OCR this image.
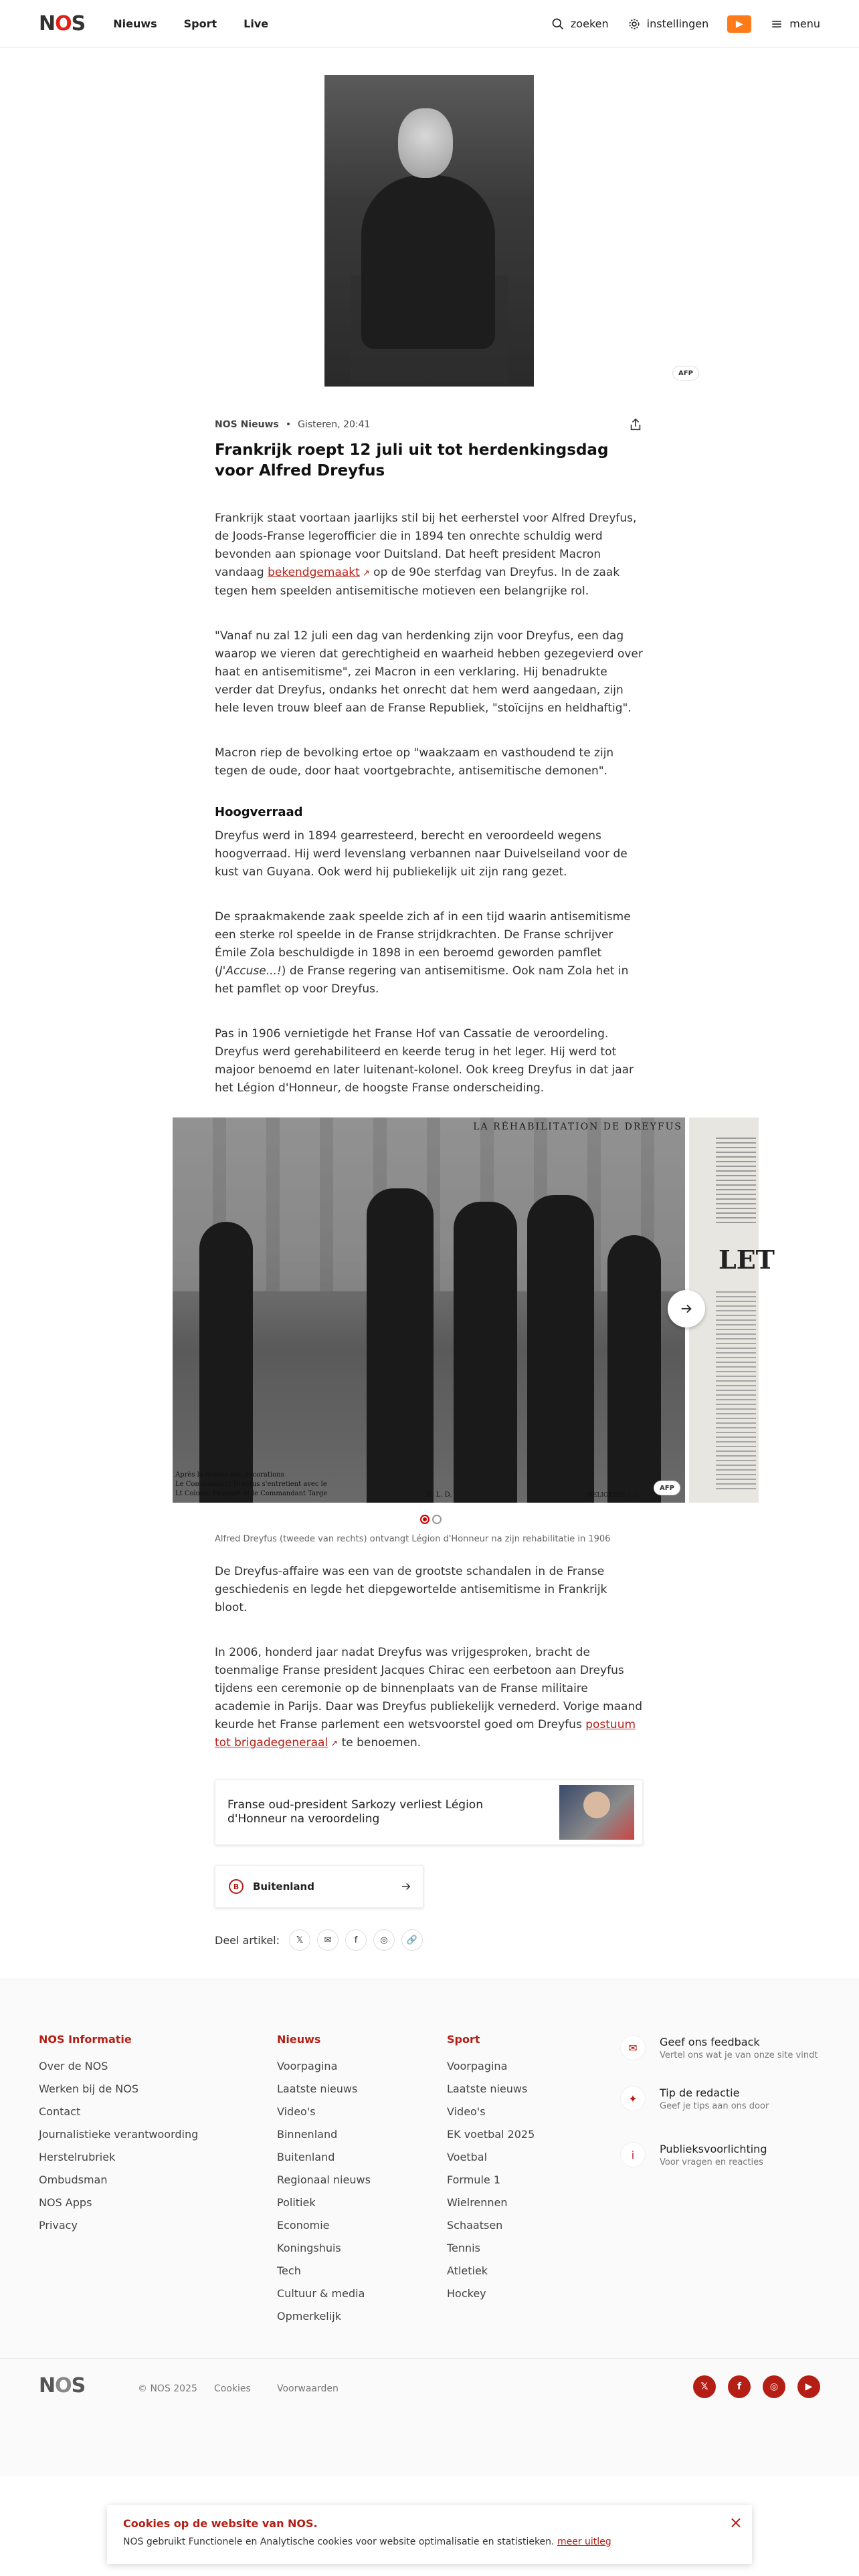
NOS	Nieuws	Sport	Live	zoeken	instellingen	▶	menu
AFP
NOS Nieuws • Gisteren, 20:41
Frankrijk roept 12 juli uit tot herdenkingsdag voor Alfred Dreyfus

Frankrijk staat voortaan jaarlijks stil bij het eerherstel voor Alfred Dreyfus, de Joods-Franse legerofficier die in 1894 ten onrechte schuldig werd bevonden aan spionage voor Duitsland. Dat heeft president Macron vandaag bekendgemaakt ↗ op de 90e sterfdag van Dreyfus. In de zaak tegen hem speelden antisemitische motieven een belangrijke rol.

"Vanaf nu zal 12 juli een dag van herdenking zijn voor Dreyfus, een dag waarop we vieren dat gerechtigheid en waarheid hebben gezegevierd over haat en antisemitisme", zei Macron in een verklaring. Hij benadrukte verder dat Dreyfus, ondanks het onrecht dat hem werd aangedaan, zijn hele leven trouw bleef aan de Franse Republiek, "stoïcijns en heldhaftig".

Macron riep de bevolking ertoe op "waakzaam en vasthoudend te zijn tegen de oude, door haat voortgebrachte, antisemitische demonen".

Hoogverraad

Dreyfus werd in 1894 gearresteerd, berecht en veroordeeld wegens hoogverraad. Hij werd levenslang verbannen naar Duivelseiland voor de kust van Guyana. Ook werd hij publiekelijk uit zijn rang gezet.

De spraakmakende zaak speelde zich af in een tijd waarin antisemitisme een sterke rol speelde in de Franse strijdkrachten. De Franse schrijver Émile Zola beschuldigde in 1898 in een beroemd geworden pamflet (J'Accuse...!) de Franse regering van antisemitisme. Ook nam Zola het in het pamflet op voor Dreyfus.

Pas in 1906 vernietigde het Franse Hof van Cassatie de veroordeling. Dreyfus werd gerehabiliteerd en keerde terug in het leger. Hij werd tot majoor benoemd en later luitenant-kolonel. Ook kreeg Dreyfus in dat jaar het Légion d'Honneur, de hoogste Franse onderscheiding.

LA RÉHABILITATION DE DREYFUS
Après la remise des décorations
Le Commandant Dreyfus s'entretient avec le
Lt Colonel Picquart et le Commandant Targe	E. L. D.	HELIOTYPE, L.L.
AFP
LET
Alfred Dreyfus (tweede van rechts) ontvangt Légion d'Honneur na zijn rehabilitatie in 1906

De Dreyfus-affaire was een van de grootste schandalen in de Franse geschiedenis en legde het diepgewortelde antisemitisme in Frankrijk bloot.

In 2006, honderd jaar nadat Dreyfus was vrijgesproken, bracht de toenmalige Franse president Jacques Chirac een eerbetoon aan Dreyfus tijdens een ceremonie op de binnenplaats van de Franse militaire academie in Parijs. Daar was Dreyfus publiekelijk vernederd. Vorige maand keurde het Franse parlement een wetsvoorstel goed om Dreyfus postuum tot brigadegeneraal ↗ te benoemen.

Franse oud-president Sarkozy verliest Légion d'Honneur na veroordeling
B	Buitenland
Deel artikel:	𝕏	✉	f	◎	🔗
NOS Informatie
Over de NOS
Werken bij de NOS
Contact
Journalistieke verantwoording
Herstelrubriek
Ombudsman
NOS Apps
Privacy
Nieuws
Voorpagina
Laatste nieuws
Video's
Binnenland
Buitenland
Regionaal nieuws
Politiek
Economie
Koningshuis
Tech
Cultuur & media
Opmerkelijk
Sport
Voorpagina
Laatste nieuws
Video's
EK voetbal 2025
Voetbal
Formule 1
Wielrennen
Schaatsen
Tennis
Atletiek
Hockey
✉	Geef ons feedback
Vertel ons wat je van onze site vindt
✦	Tip de redactie
Geef je tips aan ons door
i	Publieksvoorlichting
Voor vragen en reacties
NOS	© NOS 2025 Cookies	Voorwaarden	𝕏	f	◎	▶
Cookies op de website van NOS.
NOS gebruikt Functionele en Analytische cookies voor website optimalisatie en statistieken. meer uitleg
×
